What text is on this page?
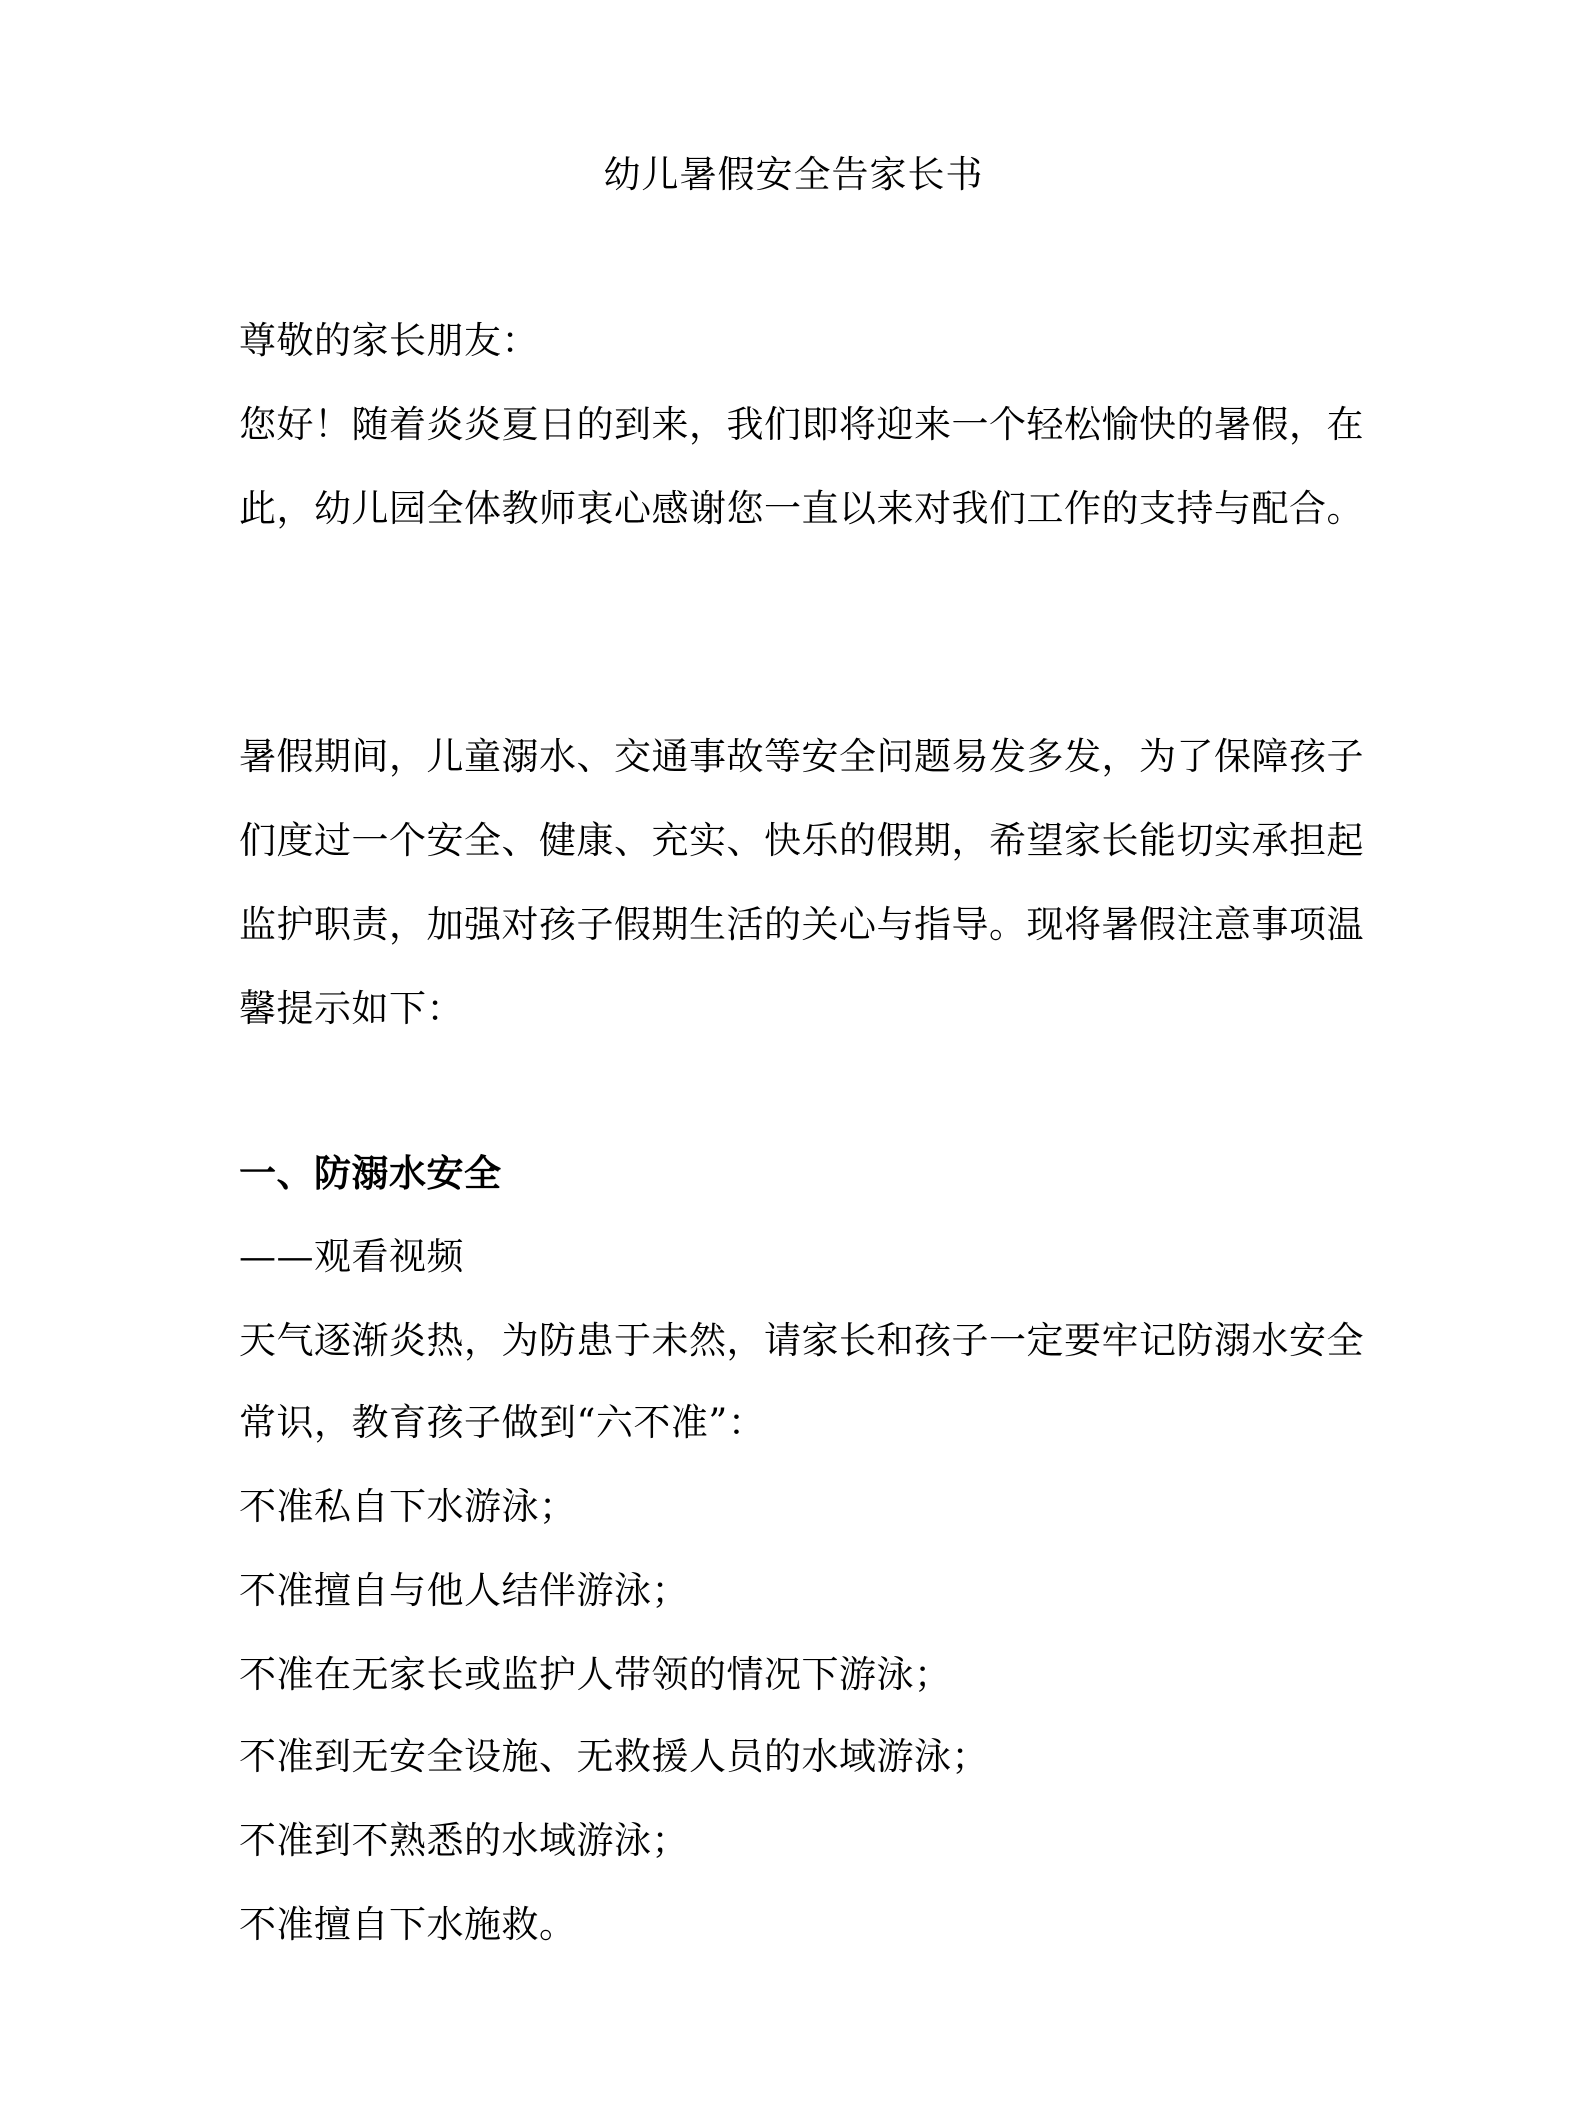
幼儿暑假安全告家长书
尊敬的家长朋友：
您好！随着炎炎夏日的到来，我们即将迎来一个轻松愉快的暑假，在
此，幼儿园全体教师衷心感谢您一直以来对我们工作的支持与配合。
暑假期间，儿童溺水、交通事故等安全问题易发多发，为了保障孩子
们度过一个安全、健康、充实、快乐的假期，希望家长能切实承担起
监护职责，加强对孩子假期生活的关心与指导。现将暑假注意事项温
馨提示如下：
一、防溺水安全
——观看视频
天气逐渐炎热，为防患于未然，请家长和孩子一定要牢记防溺水安全
常识，教育孩子做到“六不准”：
不准私自下水游泳；
不准擅自与他人结伴游泳；
不准在无家长或监护人带领的情况下游泳；
不准到无安全设施、无救援人员的水域游泳；
不准到不熟悉的水域游泳；
不准擅自下水施救。
